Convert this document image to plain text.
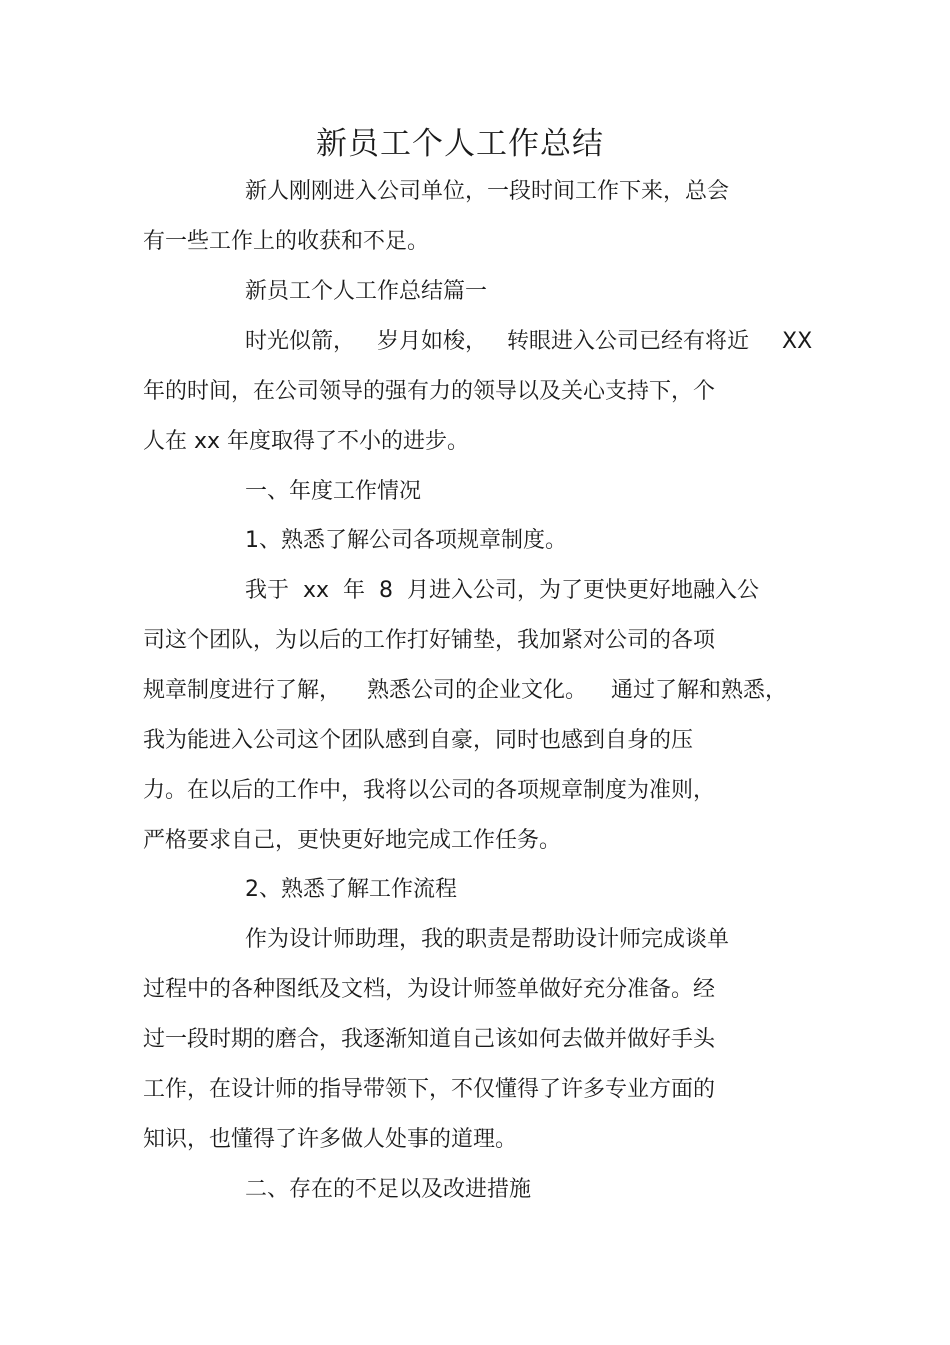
新员工个人工作总结
新人刚刚进入公司单位，一段时间工作下来，总会
有一些工作上的收获和不足。
新员工个人工作总结篇一
时光似箭， 岁月如梭， 转眼进入公司已经有将近 XX
年的时间，在公司领导的强有力的领导以及关心支持下，个
人在 xx 年度取得了不小的进步。
一、年度工作情况
1、熟悉了解公司各项规章制度。
我于  xx  年  8  月进入公司，为了更快更好地融入公
司这个团队，为以后的工作打好铺垫，我加紧对公司的各项
规章制度进行了解， 熟悉公司的企业文化。 通过了解和熟悉，
我为能进入公司这个团队感到自豪，同时也感到自身的压
力。在以后的工作中，我将以公司的各项规章制度为准则，
严格要求自己，更快更好地完成工作任务。
2、熟悉了解工作流程
作为设计师助理，我的职责是帮助设计师完成谈单
过程中的各种图纸及文档，为设计师签单做好充分准备。经
过一段时期的磨合，我逐渐知道自己该如何去做并做好手头
工作，在设计师的指导带领下，不仅懂得了许多专业方面的
知识，也懂得了许多做人处事的道理。
二、存在的不足以及改进措施
